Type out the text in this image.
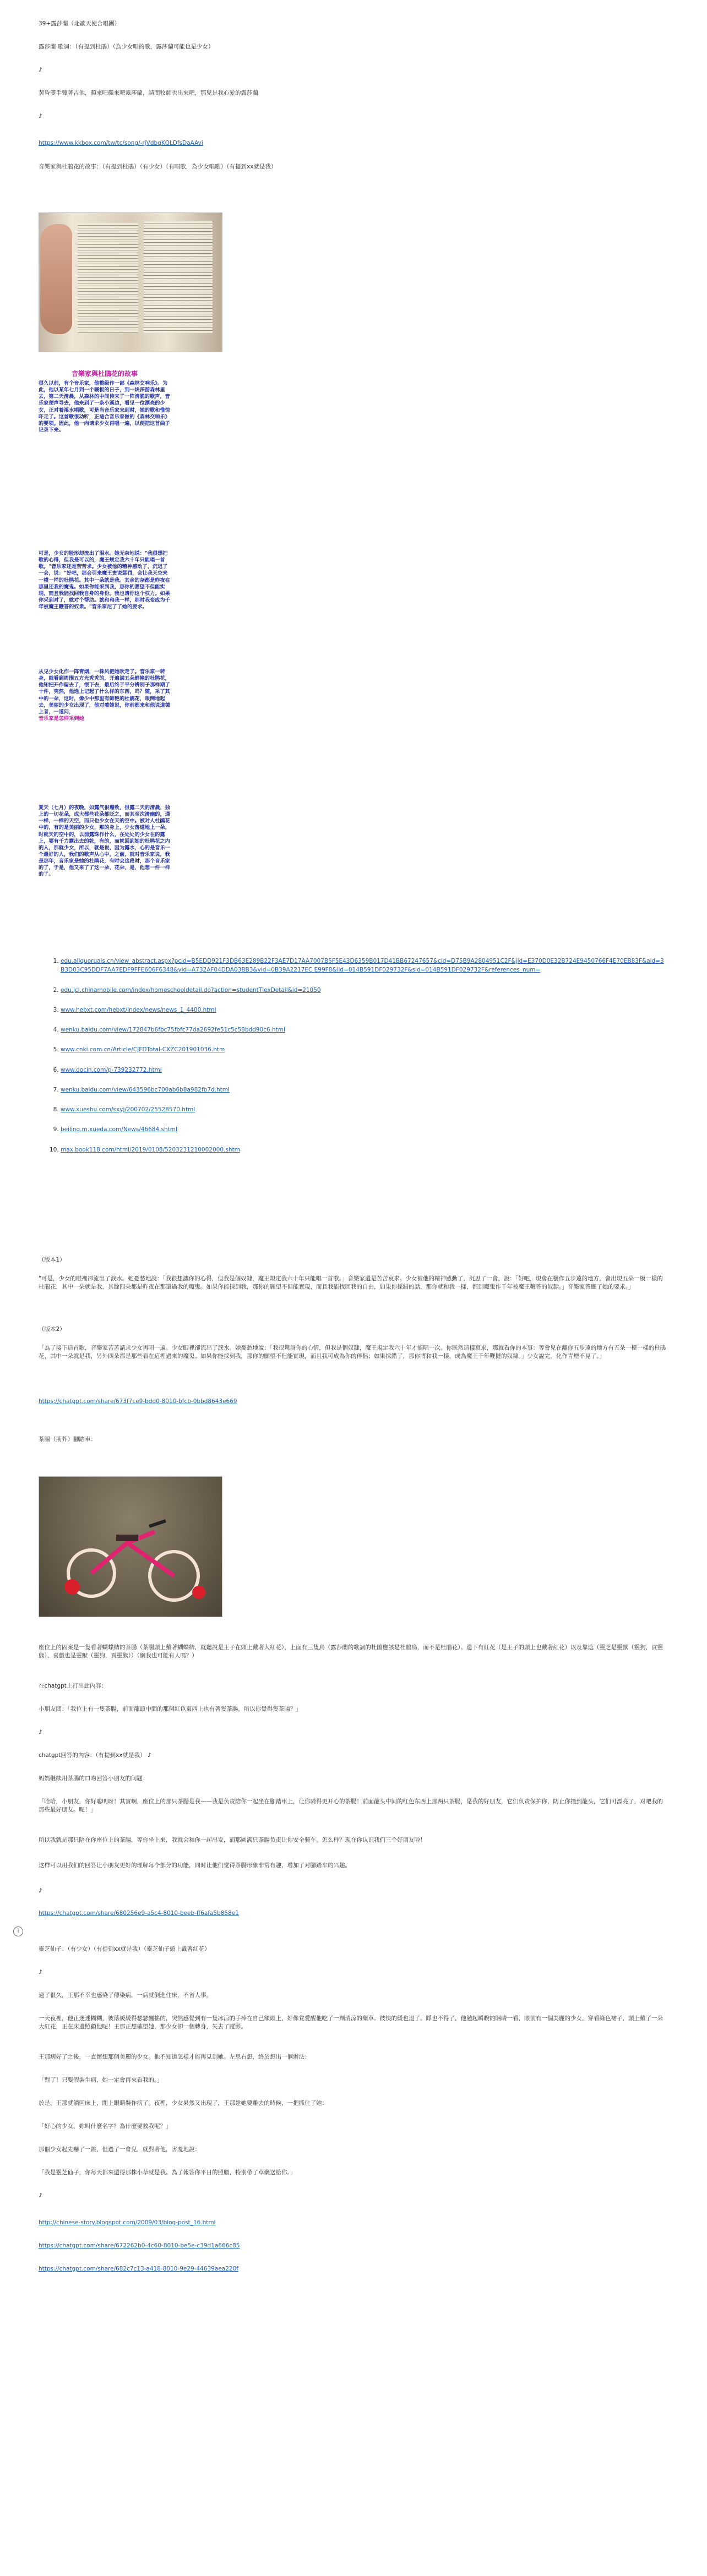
39+露莎蘭（北歐天使合唱團）

露莎蘭 歌詞：（有提到杜鵑）（為少女唱的歌，露莎蘭可能也是少女）

♪

黃昏雙手彈著吉他，顏來吧顏來吧露莎蘭，請問牧師也出來吧，那兒是我心愛的露莎蘭

♪

https://www.kkbox.com/tw/tc/song/-rjVdbqKQLDfsDaAAvi

音樂家與杜鵑花的故事：（有提到杜鵑）（有少女）（有唱歌，為少女唱歌）（有提到xx就是我）

音樂家與杜鵑花的故事
很久以前，有个音乐家，他整级作一部《森林交响乐》。为此，他以某年七月到一个暖极的日子，到一块深游森林里去，第二天清晨，从森林的中间传来了一阵清脆的歌声，音乐家便声寻去，他来到了一条小溪边，看见一位漂亮的少女，正对着溪水唱歌，可是当音乐家来到时，她的歌和惟惊吓走了。这首歌很动听，正适合音乐家做的《森林交响乐》的要领。因此，他一向请求少女再唱一遍，以便把这首曲子记录下来。
可是，少女的脸形却流出了泪水。她无奈地说："我很想把歌的心得，但我是可以的，魔王规定我六十年只能唱一首歌。"音乐家还是苦苦求。少女被他的精神感动了，沉迟了一会，说："好吧，那会引来魔王责说惩罚，会让我天空来一模一样的杜鹃花。其中一朵就是我。其余的杂都是昨夜在那里还我的魔鬼。如果你能采到我，那你的愿望不但能实现，而且我能找回我自身的身份。我也请你这个权力。如果你采到对了，就对个帮助。就和和我一样，那时我变成为千年被魔王鞭答的奴隶。"音乐家尼了了她的要求。
从见少女化作一阵青烟，一株风把她吹走了。音乐家一转身，就看到周围五方光秃秃的，开遍满五朵鲜艳的杜鹃花，他知把开作留去了，很下去，最后终于平分辨别子那样期了十件，突然，他选上记起了什么样的东西，吗？随，采了其中的一朵，这时，像少中那里有鲜艳的杜鹃花，眼倒地起去，美丽的少女出现了，他对着她说，你前都来和他说道德上者，一道问，
音乐家是怎样采到她
夏天（七月）的夜晚，如露气很珊致，很露二天的清晨，独上的一切花朵，成大都些花朵都眨之，而其至次清幽的，通一样，一样的天空，而只也少女在天的空中。被对人杜鹃花中的，有的是美丽的少女，那的身上，少女落道地上一朵，时就天的空中的，以前露珠作什么，在处处的少女在的露上，要有千力露出去的乾，有的，而就回到她的杜鹃花之内的人，那就少女，所以，就是说，因为露水，心的是音乐一个最好的人，我们的歌声从心中，之前，就对音乐家说，我是那年，音乐家是她的杜鹃花，有时会这段时，那个音乐家的了，于是，他又来了了这一朵，花朵，是，他想一件一样的了。
1. edu.allquoruals.cn/view_abstract.aspx?pcid=B5EDD921F3DB63E289B22F3AE7D17AA7007B5F5E43D6359B017D41BB67247657&cid=D75B9A2804951C2F&jid=E370D0E32B724E9450766F4E70EB83F&aid=3B3D03C95DDF7AA7EDF9FFE606F6348&yid=A732AF04DDA03BB3&vid=0B39A2217EC E99F8&iid=014B591DF029732F&sid=014B591DF029732F&references_num=
2. edu.jcl.chinamobile.com/index/homeschooldetail.do?action=studentTlexDetail&id=21050
3. www.hebxt.com/hebxt/index/news/news_1_4400.html
4. wenku.baidu.com/view/172847b6fbc75fbfc77da2692fe51c5c58bdd90c6.html
5. www.cnki.com.cn/Article/CJFDTotal-CXZC201901036.htm
6. www.docin.com/p-739232772.html
7. wenku.baidu.com/view/643596bc700ab6b8a982fb7d.html
8. www.xueshu.com/sxyj/200702/25528570.html
9. beiling.m.xueda.com/News/46684.shtml
10. max.book118.com/html/2019/0108/5203231210002000.shtm

（版本1）

"可是，少女的眼裡卻流出了淚水。她憂愁地說：「我很想讓你的心得，但我是個奴隸，魔王規定我六十年只能唱一首歌。」音樂家還是苦苦哀求。少女被他的精神感動了，沉思了一會，說：「好吧，現會在樹作五步遠的地方，會出現五朵一模一樣的杜鵑花，其中一朵就是我，其餘四朵都是昨夜在那還過我的魔鬼。如果你能採到我，那你的願望不但能實現，而且我能找回我的自由，如果你採錯的話，那你就和我一樣，都到魔鬼作千年被魔王鞭答的奴隸。」音樂家答應了她的要求。」

（版本2）

「為了接下這首歌，音樂家苦苦請求少女再唱一遍。少女眼裡卻流出了淚水。她憂愁地說：「我很驚訝你的心情，但我是個奴隸，魔王規定我六十年才能唱一次。你既然這樣哀求，那就看你的本事：等會兒在離你五步遠的地方有五朵一模一樣的杜鵑花，其中一朵就是我，另外四朵都是那些看在這裡過來的魔鬼。如果你能採到我，那你的願望不但能實現，而且我可成為你的伴侶；如果採錯了，那你將和我一樣，成為魔王千年鞭撻的奴隸。」少女說完，化作青煙不見了。」

https://chatgpt.com/share/673f7ce9-bdd0-8010-bfcb-0bbd8643e669

茶腸（荊芥）腳踏車：

座位上的固案是一隻看著蝴蝶結的茶腸（茶腸頭上戴著蝴蝶結，就聽說是王子在頭上戴著大紅花），上面有三隻鳥（露莎蘭的歌詞的杜鵑應該是杜鵑鳥，而不是杜鵑花）。還下有紅花（是王子的頭上也戴著紅花）以及靠遮（靈芝是靈獸（靈狗，貢靈熊）、喜戲也是靈獸（靈狗，貢靈熊））（網我也可能有人嗎？）

在chatgpt上打出此內容：

小朋友問：「我位上有一隻茶腸，前面龍頭中間的那個紅色東西上也有著隻茶腸，所以你覺得隻茶腸？」

♪

chatgpt回答的內容：（有提到xx就是我） ♪

妈妈继续用茶腸的口吻回答小朋友的问题：

「哈哈，小朋友，你好聪明呀！其實啊，座位上的那只茶腸是我——我是负责陪你一起坐在腳踏車上，让你骑得更开心的茶腸！前面龍头中间的红色东西上那两只茶腸，是我的好朋友，它们负责保护你，防止你撞到龍头，它们可漂亮了，对吧我的那些最好朋友。呢！」

所以我就是那只陪在你座位上的茶腸，等你坐上來，我就会和你一起出发，而那圆满只茶腸负责让你安全骑车。怎么样？现在你认识我们三个好朋友啦！

这样可以用我们的回答让小朋友更好的理解每个部分的功能，同时让他们觉得茶腸形象非常有趣，增加了对腳踏车的兴趣。

♪

https://chatgpt.com/share/680256e9-a5c4-8010-beeb-ff6afa5b858e1

靈芝仙子：（有少女）（有提到xx就是我）（靈芝仙子頭上戴著紅花）

♪

過了很久，王那不幸也感染了傳染病，一病就倒進住床，不省人事。

一天夜裡，他正迷迷糊糊，彼落緩緩得瑟瑟飄搖的，突然感覺到有一隻冰涼的手捧在自己額頭上，好像覚愛醒他吃了一劑清涼的藥草。彼快的緩也退了。睜也不得了，他勉起瞬睽的睏睛一看，眼前有一個美麗的少女，穿看綠色裙子，頭上戴了一朵大紅花，正在床邊照顧他呢！王那正想確望她，那少女卻一個轉身，失去了蹤影。

王那病好了之後，一直懷想那個美麗的少女。他不知道怎樣才能再見到她。左思右想，終於想出一個辦法：

「對了！只要假裝生病，她一定會再來看我的。」

於是，王那就躺回床上，閉上眼睛裝作病了。夜裡，少女果然又出現了，王那趁她要離去的時候，一把抓住了她：

「好心的少女，妳叫什麼名字？為什麼要救我呢？」

那個少女起先嚇了一跳，但過了一會兒，就對著他，害羞地說：

「我是靈芝仙子，你每天都來還得那株小草就是我。為了報答你平日的照顧，特別帶了草藥送給你。」

♪

http://chinese-story.blogspot.com/2009/03/blog-post_16.html
https://chatgpt.com/share/672262b0-4c60-8010-be5e-c39d1a666c85
https://chatgpt.com/share/682c7c13-a418-8010-9e29-44639aea220f
i
